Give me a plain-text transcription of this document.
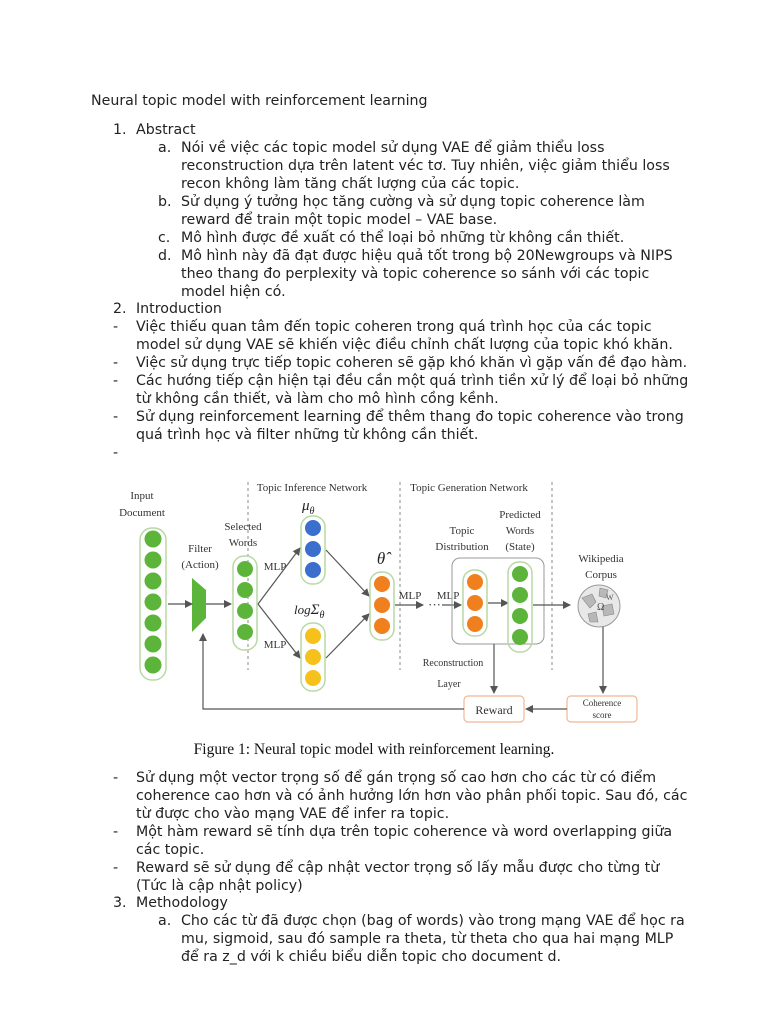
Neural topic model with reinforcement learning
1. Abstract
a. Nói về việc các topic model sử dụng VAE để giảm thiểu loss
reconstruction dựa trên latent véc tơ. Tuy nhiên, việc giảm thiểu loss
recon không làm tăng chất lượng của các topic.
b. Sử dụng ý tưởng học tăng cường và sử dụng topic coherence làm
reward để train một topic model – VAE base.
c. Mô hình được đề xuất có thể loại bỏ những từ không cần thiết.
d. Mô hình này đã đạt được hiệu quả tốt trong bộ 20Newgroups và NIPS
theo thang đo perplexity và topic coherence so sánh với các topic
model hiện có.
2. Introduction
- Việc thiếu quan tâm đến topic coheren trong quá trình học của các topic
model sử dụng VAE sẽ khiến việc điều chỉnh chất lượng của topic khó khăn.
- Việc sử dụng trực tiếp topic coheren sẽ gặp khó khăn vì gặp vấn đề đạo hàm.
- Các hướng tiếp cận hiện tại đều cần một quá trình tiền xử lý để loại bỏ những
từ không cần thiết, và làm cho mô hình cồng kềnh.
- Sử dụng reinforcement learning để thêm thang đo topic coherence vào trong
quá trình học và filter những từ không cần thiết.
-
Input
Document
Topic Inference Network	Topic Generation Network
Filter
(Action)
Selected
Words
MLP
MLP
$\mu_\theta$
logΣ$_\theta$
θ̂
MLP
···
MLP
Topic
Distribution
Predicted
Words
(State)
Wikipedia
Corpus
Ω
W
Coherence
score
Reward
Reconstruction
Layer
Figure 1: Neural topic model with reinforcement learning.
- Sử dụng một vector trọng số để gán trọng số cao hơn cho các từ có điểm
coherence cao hơn và có ảnh hưởng lớn hơn vào phân phối topic. Sau đó, các
từ được cho vào mạng VAE để infer ra topic.
- Một hàm reward sẽ tính dựa trên topic coherence và word overlapping giữa
các topic.
- Reward sẽ sử dụng để cập nhật vector trọng số lấy mẫu được cho từng từ
(Tức là cập nhật policy)
3. Methodology
a. Cho các từ đã được chọn (bag of words) vào trong mạng VAE để học ra
mu, sigmoid, sau đó sample ra theta, từ theta cho qua hai mạng MLP
để ra z_d với k chiều biểu diễn topic cho document d.
